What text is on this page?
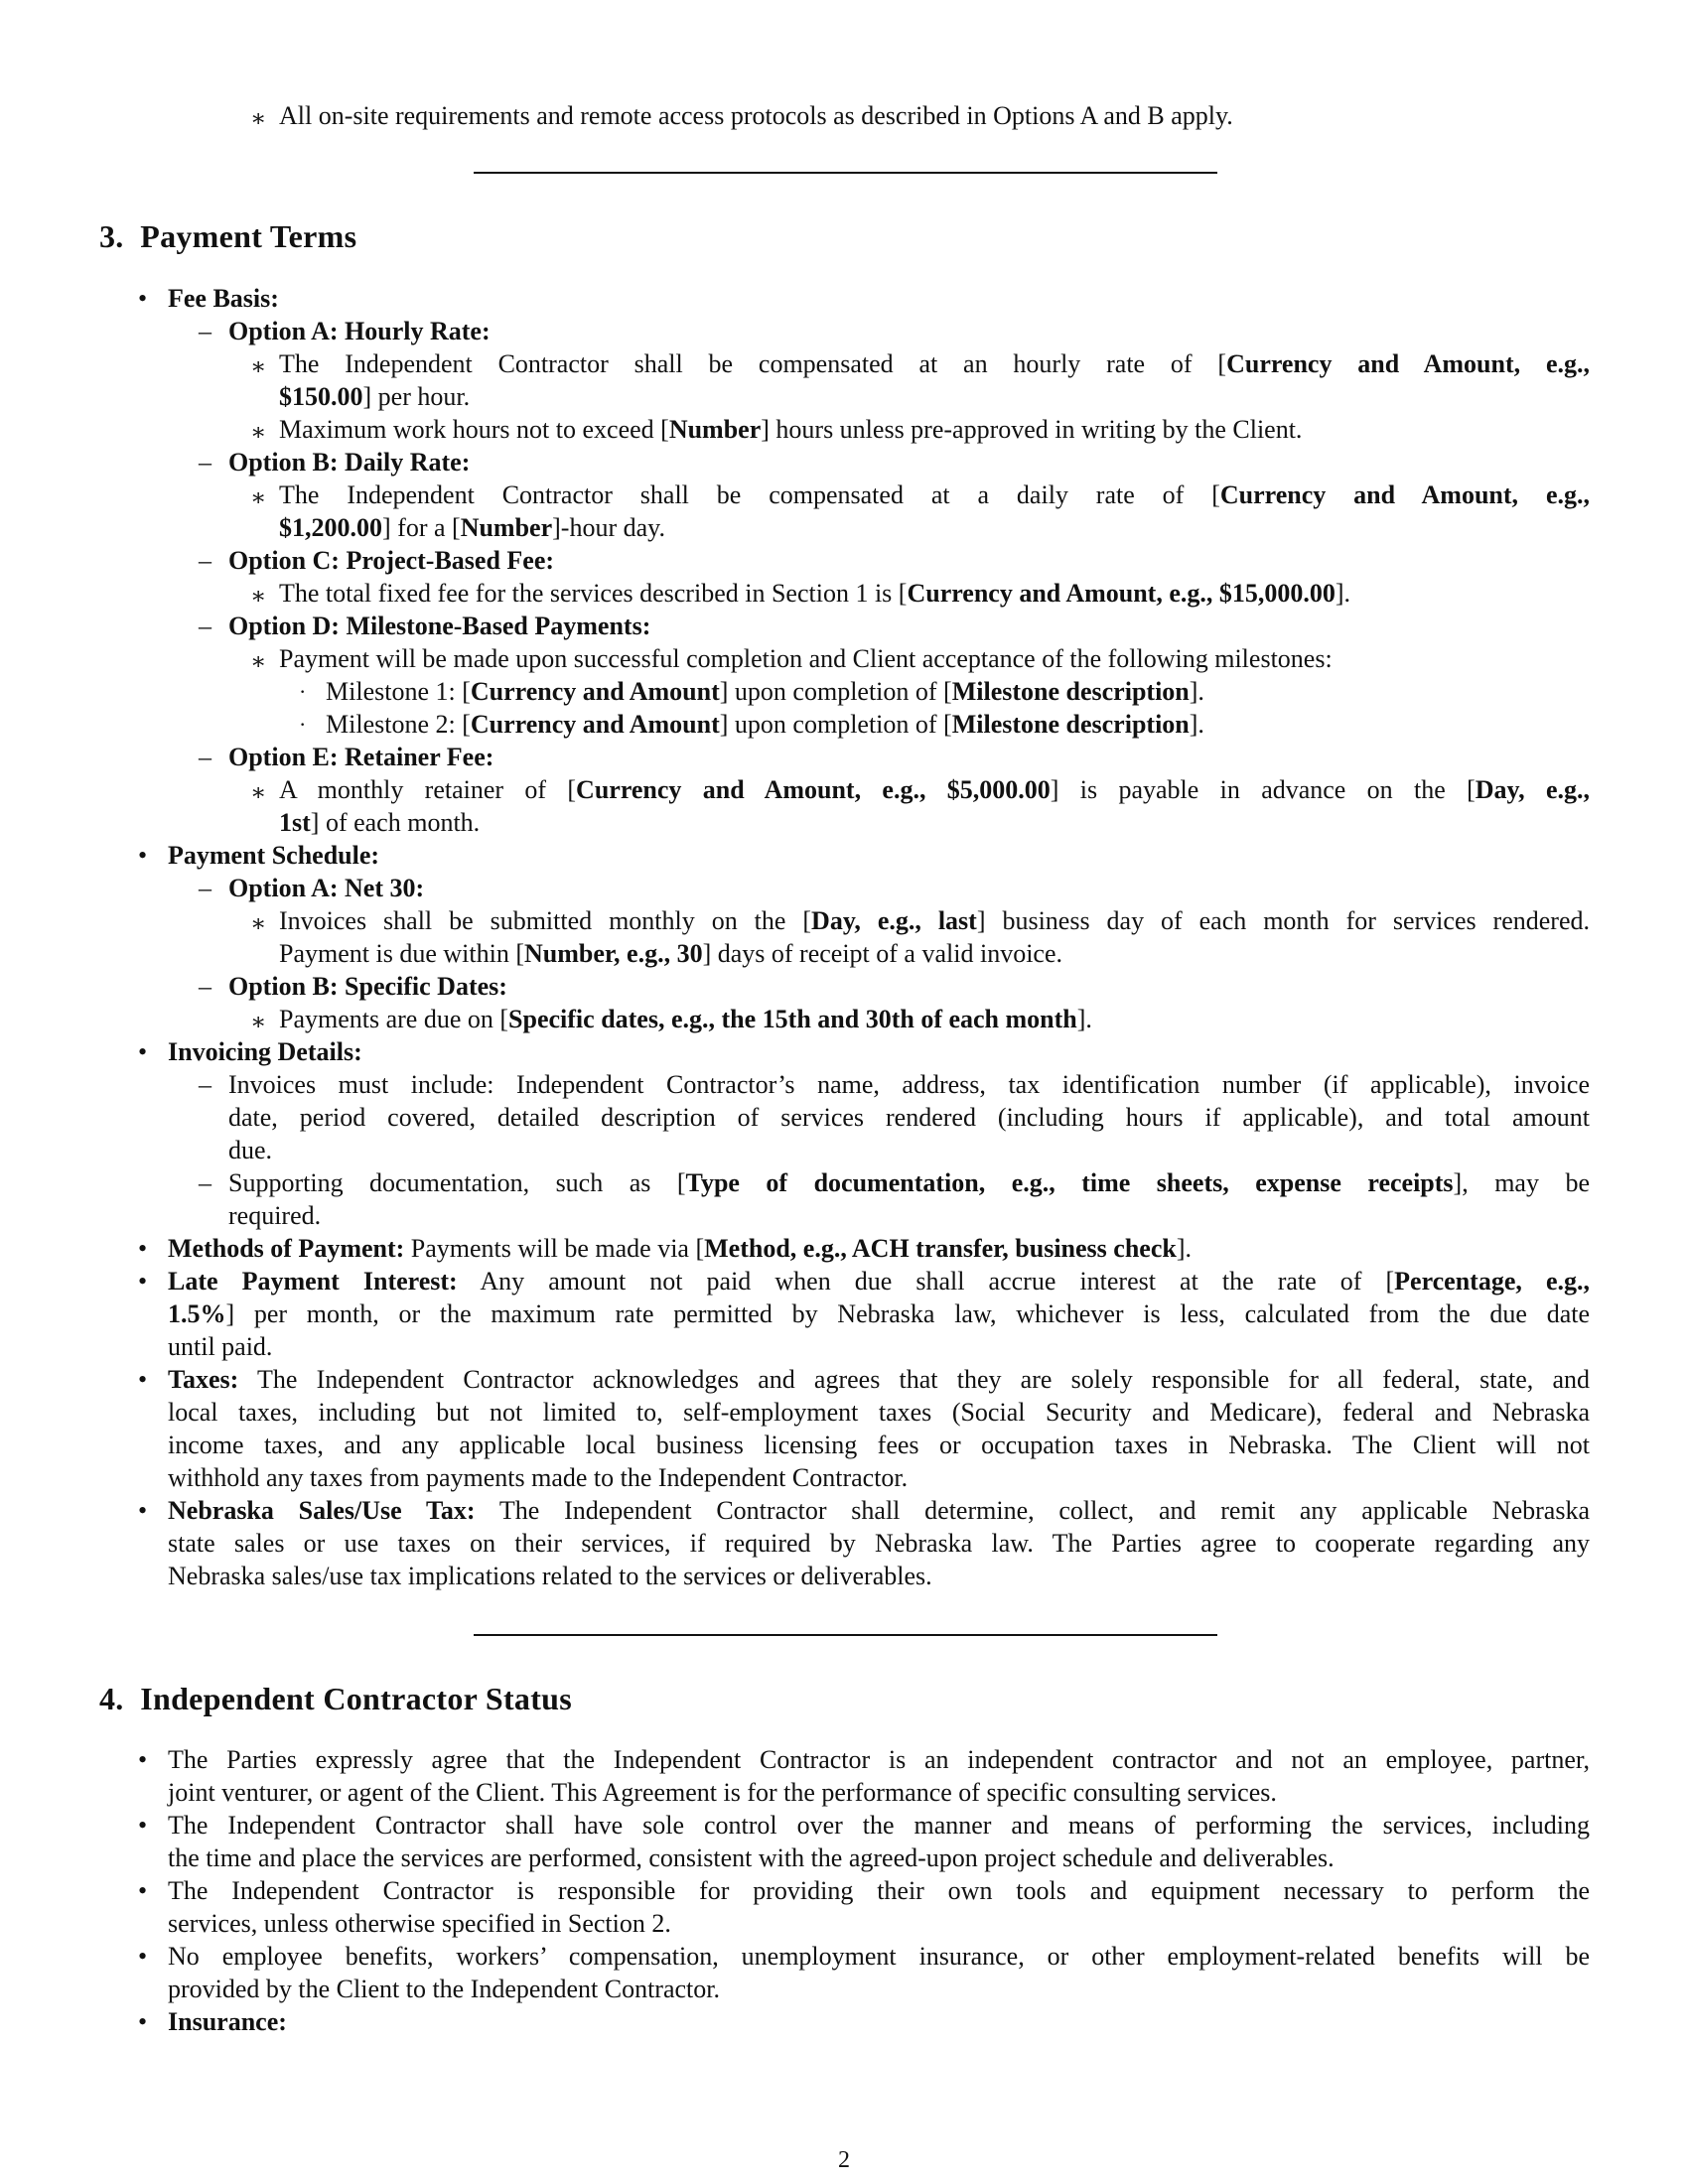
∗ All on-site requirements and remote access protocols as described in Options A and B apply.
3. Payment Terms
• Fee Basis:
– Option A: Hourly Rate:
∗ The Independent Contractor shall be compensated at an hourly rate of [Currency and Amount, e.g.,
$150.00] per hour.
∗ Maximum work hours not to exceed [Number] hours unless pre-approved in writing by the Client.
– Option B: Daily Rate:
∗ The Independent Contractor shall be compensated at a daily rate of [Currency and Amount, e.g.,
$1,200.00] for a [Number]-hour day.
– Option C: Project-Based Fee:
∗ The total fixed fee for the services described in Section 1 is [Currency and Amount, e.g., $15,000.00].
– Option D: Milestone-Based Payments:
∗ Payment will be made upon successful completion and Client acceptance of the following milestones:
· Milestone 1: [Currency and Amount] upon completion of [Milestone description].
· Milestone 2: [Currency and Amount] upon completion of [Milestone description].
– Option E: Retainer Fee:
∗ A monthly retainer of [Currency and Amount, e.g., $5,000.00] is payable in advance on the [Day, e.g.,
1st] of each month.
• Payment Schedule:
– Option A: Net 30:
∗ Invoices shall be submitted monthly on the [Day, e.g., last] business day of each month for services rendered.
Payment is due within [Number, e.g., 30] days of receipt of a valid invoice.
– Option B: Specific Dates:
∗ Payments are due on [Specific dates, e.g., the 15th and 30th of each month].
• Invoicing Details:
– Invoices must include: Independent Contractor’s name, address, tax identification number (if applicable), invoice
date, period covered, detailed description of services rendered (including hours if applicable), and total amount
due.
– Supporting documentation, such as [Type of documentation, e.g., time sheets, expense receipts], may be
required.
• Methods of Payment: Payments will be made via [Method, e.g., ACH transfer, business check].
• Late Payment Interest: Any amount not paid when due shall accrue interest at the rate of [Percentage, e.g.,
1.5%] per month, or the maximum rate permitted by Nebraska law, whichever is less, calculated from the due date
until paid.
• Taxes: The Independent Contractor acknowledges and agrees that they are solely responsible for all federal, state, and
local taxes, including but not limited to, self-employment taxes (Social Security and Medicare), federal and Nebraska
income taxes, and any applicable local business licensing fees or occupation taxes in Nebraska. The Client will not
withhold any taxes from payments made to the Independent Contractor.
• Nebraska Sales/Use Tax: The Independent Contractor shall determine, collect, and remit any applicable Nebraska
state sales or use taxes on their services, if required by Nebraska law. The Parties agree to cooperate regarding any
Nebraska sales/use tax implications related to the services or deliverables.
4. Independent Contractor Status
• The Parties expressly agree that the Independent Contractor is an independent contractor and not an employee, partner,
joint venturer, or agent of the Client. This Agreement is for the performance of specific consulting services.
• The Independent Contractor shall have sole control over the manner and means of performing the services, including
the time and place the services are performed, consistent with the agreed-upon project schedule and deliverables.
• The Independent Contractor is responsible for providing their own tools and equipment necessary to perform the
services, unless otherwise specified in Section 2.
• No employee benefits, workers’ compensation, unemployment insurance, or other employment-related benefits will be
provided by the Client to the Independent Contractor.
• Insurance:
2
